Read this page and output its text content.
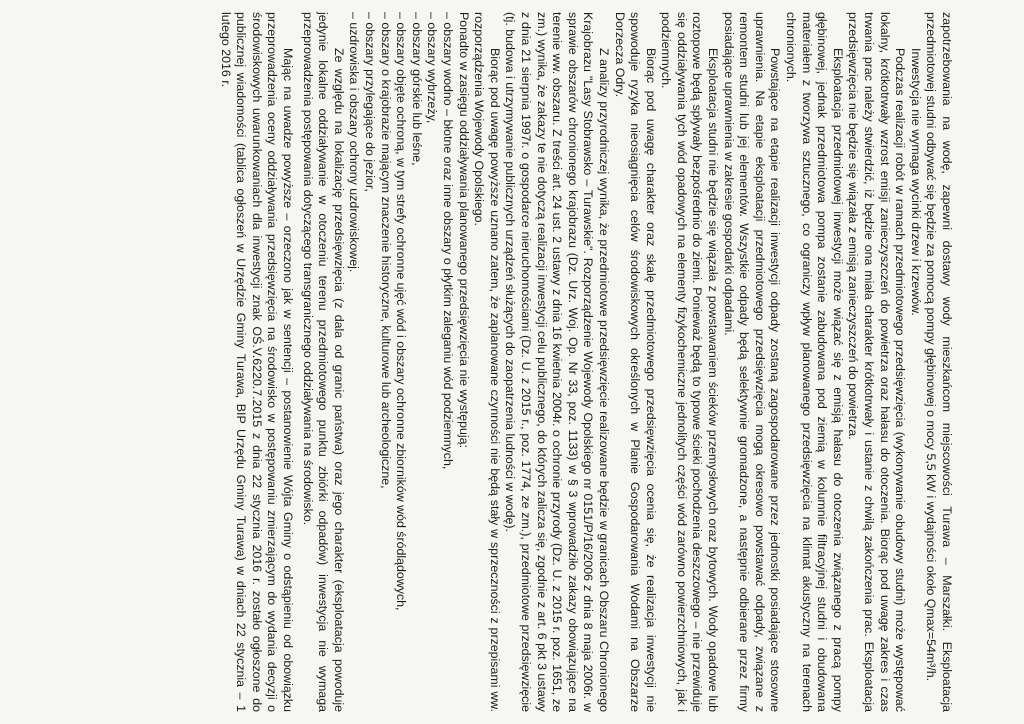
zapotrzebowania na wodę, zapewni dostawy wody mieszkańcom miejscowości Turawa – Marszałki. Eksploatacja przedmiotowej studni odbywać się będzie za pomocą pompy głębinowej o mocy 5,5 kW i wydajności około Qmax=54m³/h.

Inwestycja nie wymaga wycinki drzew i krzewów.

Podczas realizacji robót w ramach przedmiotowego przedsięwzięcia (wykonywanie obudowy studni) może występować lokalny, krótkotrwały wzrost emisji zanieczyszczeń do powietrza oraz hałasu do otoczenia. Biorąc pod uwagę zakres i czas trwania prac należy stwierdzić, iż będzie ona miała charakter krótkotrwały i ustanie z chwilą zakończenia prac. Eksploatacja przedsięwzięcia nie będzie się wiązała z emisją zanieczyszczeń do powietrza.

Eksploatacja przedmiotowej inwestycji może wiązać się z emisją hałasu do otoczenia związanego z pracą pompy głębinowej, jednak przedmiotowa pompa zostanie zabudowana pod ziemią w kolumnie filtracyjnej studni i obudowana materiałem z tworzywa sztucznego, co ograniczy wpływ planowanego przedsięwzięcia na klimat akustyczny na terenach chronionych.

Powstające na etapie realizacji inwestycji odpady zostaną zagospodarowane przez jednostki posiadające stosowne uprawnienia. Na etapie eksploatacji przedmiotowego przedsięwzięcia mogą okresowo powstawać odpady, związane z remontem studni lub jej elementów. Wszystkie odpady będą selektywnie gromadzone, a następnie odbierane przez firmy posiadające uprawnienia w zakresie gospodarki odpadami.

Eksploatacja studni nie będzie się wiązała z powstawaniem ścieków przemysłowych oraz bytowych. Wody opadowe lub roztopowe będą spływały bezpośrednio do ziemi. Ponieważ będą to typowe ścieki pochodzenia deszczowego – nie przewiduje się oddziaływania tych wód opadowych na elementy fizykochemiczne jednolitych części wód zarówno powierzchniowych, jak i podziemnych.

Biorąc pod uwagę charakter oraz skalę przedmiotowego przedsięwzięcia ocenia się, że realizacja inwestycji nie spowoduje ryzyka nieosiągnięcia celów środowiskowych określonych w Planie Gospodarowania Wodami na Obszarze Dorzecza Odry.

Z analizy przyrodniczej wynika, że przedmiotowe przedsięwzięcie realizowane będzie w granicach Obszaru Chronionego Krajobrazu "Lasy Stobrawsko – Turawskie". Rozporządzenie Wojewody Opolskiego nr 0151/P/16/2006 z dnia 8 maja 2006r. w sprawie obszarów chronionego krajobrazu (Dz. Urz. Woj. Op. Nr 33, poz. 1133) w § 3 wprowadziło zakazy obowiązujące na terenie ww. obszaru. Z treści art. 24 ust. 2 ustawy z dnia 16 kwietnia 2004r. o ochronie przyrody (Dz. U. z 2015 r. poz. 1651, ze zm.) wynika, że zakazy te nie dotyczą realizacji inwestycji celu publicznego, do których zalicza się, zgodnie z art. 6 pkt 3 ustawy z dnia 21 sierpnia 1997r. o gospodarce nieruchomościami (Dz. U. z 2015 r., poz. 1774, ze zm.), przedmiotowe przedsięwzięcie (tj. budowa i utrzymywanie publicznych urządzeń służących do zaopatrzenia ludności w wodę).

Biorąc pod uwagę powyższe uznano zatem, że zaplanowane czynności nie będą stały w sprzeczności z przepisami ww. rozporządzenia Wojewody Opolskiego.

Ponadto w zasięgu oddziaływania planowanego przedsięwzięcia nie występują:

– obszary wodno – błotne oraz inne obszary o płytkim zaleganiu wód podziemnych,

– obszary wybrzeży,

– obszary górskie lub leśne,

– obszary objęte ochroną, w tym strefy ochronne ujęć wód i obszary ochronne zbiorników wód śródlądowych,

– obszary o krajobrazie mającym znaczenie historyczne, kulturowe lub archeologiczne,

– obszary przylegające do jezior,

– uzdrowiska i obszary ochrony uzdrowiskowej.

Ze względu na lokalizację przedsięwzięcia (z dala od granic państwa) oraz jego charakter (eksploatacja powoduje jedynie lokalne oddziaływanie w otoczeniu terenu przedmiotowego punktu zbiórki odpadów) inwestycja nie wymaga przeprowadzenia postępowania dotyczącego transgranicznego oddziaływania na środowisko.

Mając na uwadze powyższe – orzeczono jak w sentencji – postanowienie Wójta Gminy o odstąpieniu od obowiązku przeprowadzenia oceny oddziaływania przedsięwzięcia na środowisko w postępowaniu zmierzającym do wydania decyzji o środowiskowych uwarunkowaniach dla inwestycji znak OŚ.V.6220.7.2015 z dnia 22 stycznia 2016 r. zostało ogłoszone do publicznej wiadomości (tablica ogłoszeń w Urzędzie Gminy Turawa, BIP Urzędu Gminy Turawa) w dniach 22 stycznia – 1 lutego 2016 r.
